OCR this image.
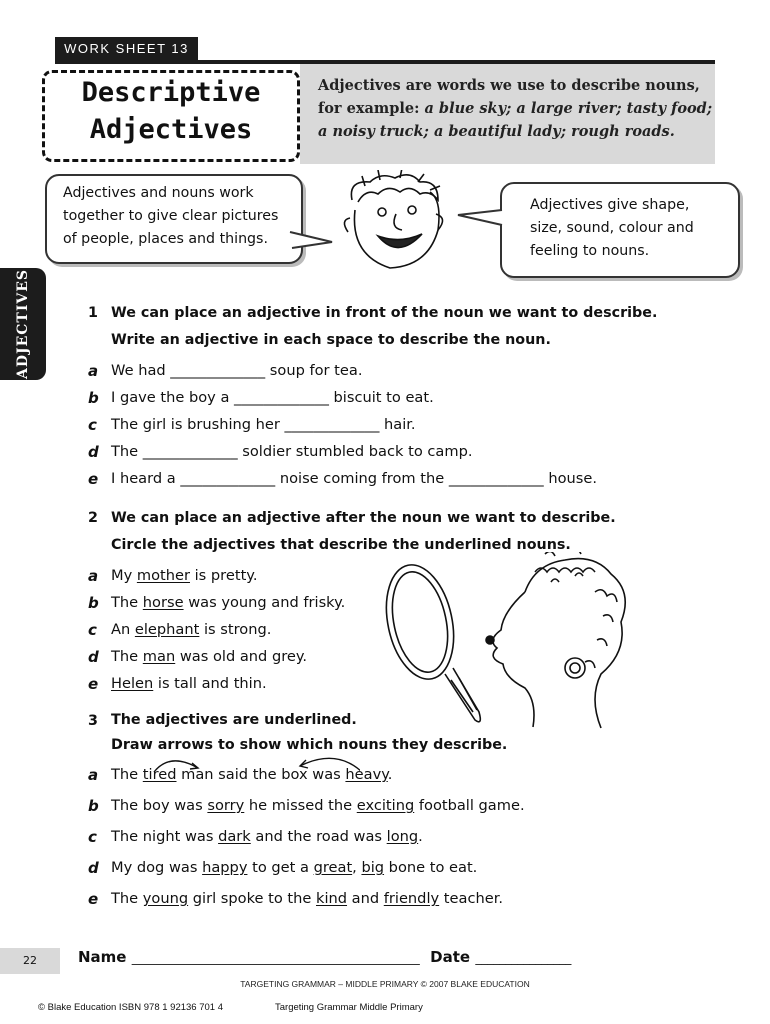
WORK SHEET 13
Adjectives are words we use to describe nouns,
for example: a blue sky; a large river; tasty food;
a noisy truck; a beautiful lady; rough roads.
Descriptive
Adjectives
Adjectives and nouns work
together to give clear pictures
of people, places and things.
Adjectives give shape,
size, sound, colour and
feeling to nouns.
ADJECTIVES	1 We can place an adjective in front of the noun we want to describe.
Write an adjective in each space to describe the noun.
a We had _____________ soup for tea.
b I gave the boy a _____________ biscuit to eat.
c The girl is brushing her _____________ hair.
d The _____________ soldier stumbled back to camp.
e I heard a _____________ noise coming from the _____________ house.
2 We can place an adjective after the noun we want to describe.
Circle the adjectives that describe the underlined nouns.
a My mother is pretty.
b The horse was young and frisky.
c An elephant is strong.
d The man was old and grey.
e Helen is tall and thin.
3 The adjectives are underlined.
Draw arrows to show which nouns they describe.
a The tired man said the box was heavy.
b The boy was sorry he missed the exciting football game.
c The night was dark and the road was long.
d My dog was happy to get a great, big bone to eat.
e The young girl spoke to the kind and friendly teacher.
22	Name ________________________________________________ Date ________________
TARGETING GRAMMAR – MIDDLE PRIMARY © 2007 BLAKE EDUCATION
© Blake Education ISBN 978 1 92136 701 4	Targeting Grammar Middle Primary
